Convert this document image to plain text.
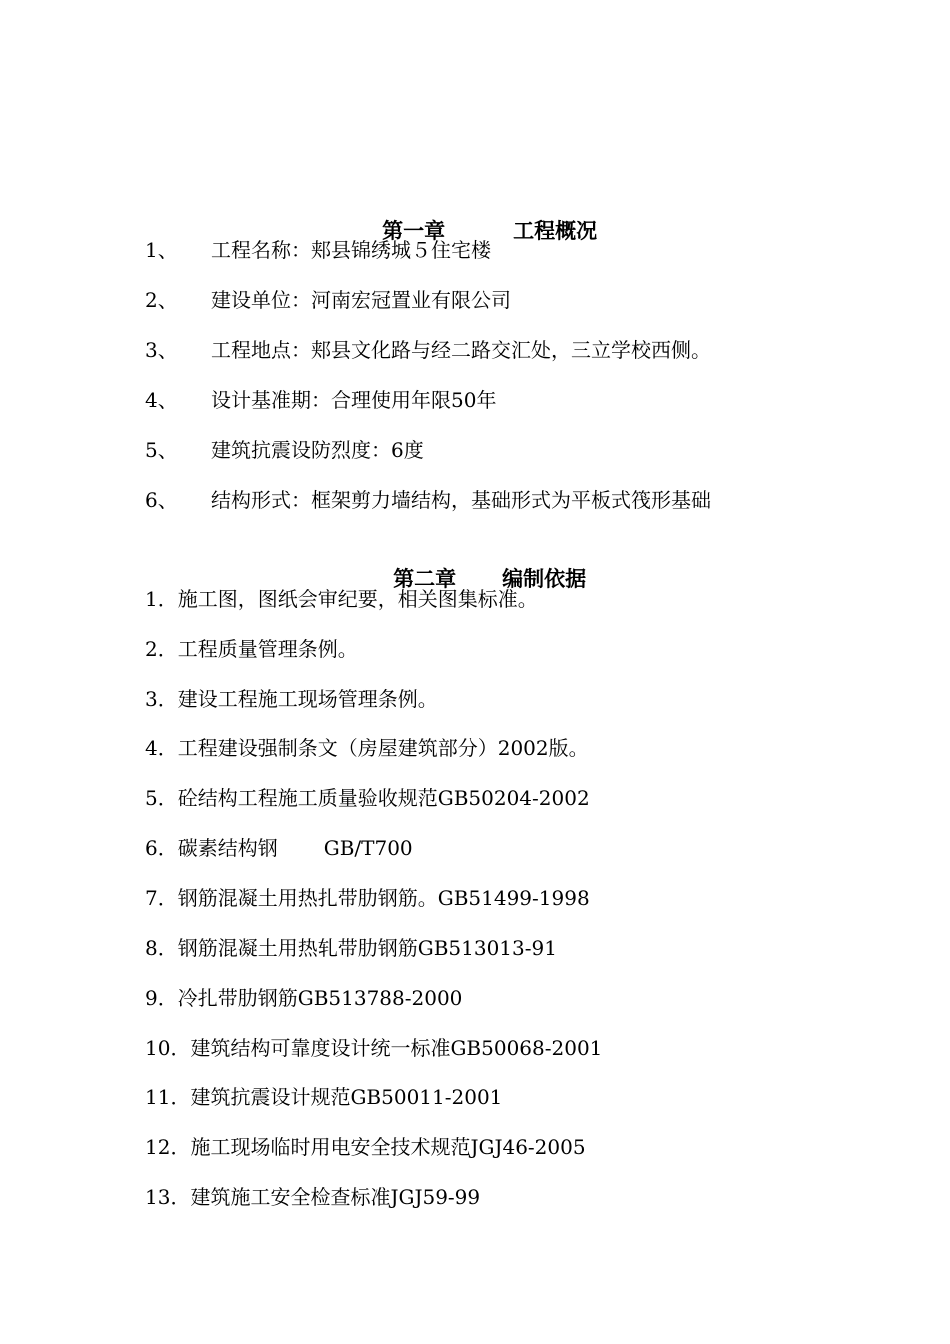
第一章	工程概况

1、 工程名称：郏县锦绣城５住宅楼
2、 建设单位：河南宏冠置业有限公司
3、 工程地点：郏县文化路与经二路交汇处，三立学校西侧。
4、 设计基准期：合理使用年限50年
5、 建筑抗震设防烈度：6度
6、 结构形式：框架剪力墙结构，基础形式为平板式筏形基础

第二章 编制依据

1．施工图，图纸会审纪要，相关图集标准。
2．工程质量管理条例。
3．建设工程施工现场管理条例。
4．工程建设强制条文（房屋建筑部分）2002版。
5．砼结构工程施工质量验收规范GB50204-2002
6．碳素结构钢 GB/T700
7．钢筋混凝土用热扎带肋钢筋。GB51499-1998
8．钢筋混凝土用热轧带肋钢筋GB513013-91
9．冷扎带肋钢筋GB513788-2000
10．建筑结构可靠度设计统一标准GB50068-2001
11．建筑抗震设计规范GB50011-2001
12．施工现场临时用电安全技术规范JGJ46-2005
13．建筑施工安全检查标准JGJ59-99
